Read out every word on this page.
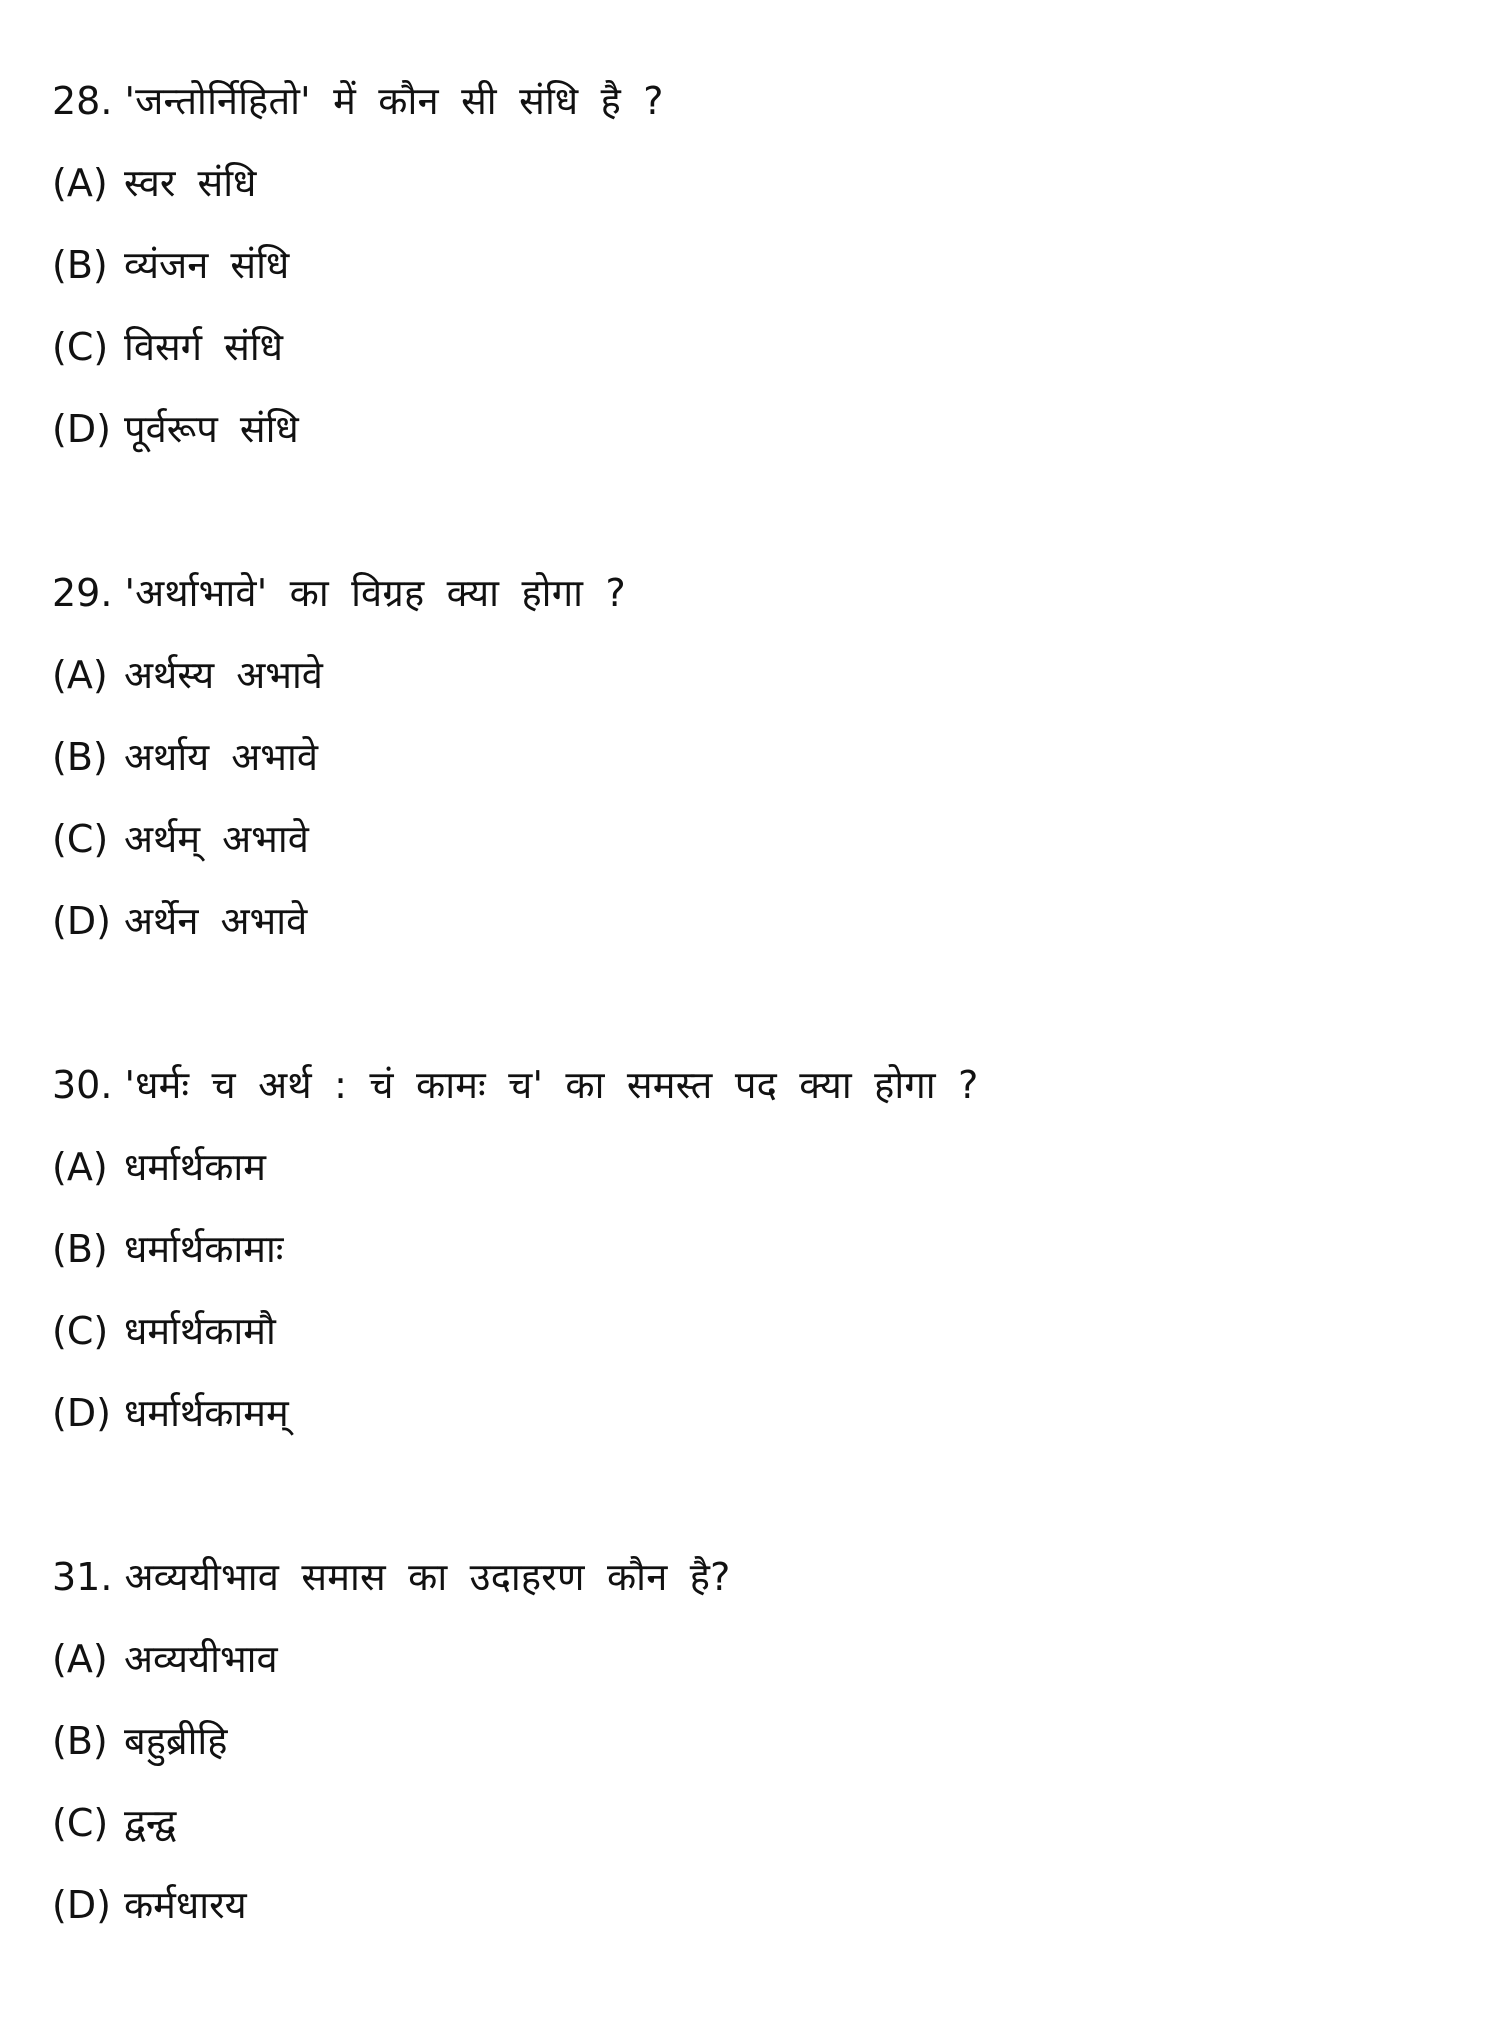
28. 'जन्तोर्निहितो' में कौन सी संधि है ?
(A) स्वर संधि
(B) व्यंजन संधि
(C) विसर्ग संधि
(D) पूर्वरूप संधि
29. 'अर्थाभावे' का विग्रह क्या होगा ?
(A) अर्थस्य अभावे
(B) अर्थाय अभावे
(C) अर्थम् अभावे
(D) अर्थेन अभावे
30. 'धर्मः च अर्थ : चं कामः च' का समस्त पद क्या होगा ?
(A) धर्मार्थकाम
(B) धर्मार्थकामाः
(C) धर्मार्थकामौ
(D) धर्मार्थकामम्
31. अव्ययीभाव समास का उदाहरण कौन है?
(A) अव्ययीभाव
(B) बहुब्रीहि
(C) द्वन्द्व
(D) कर्मधारय
